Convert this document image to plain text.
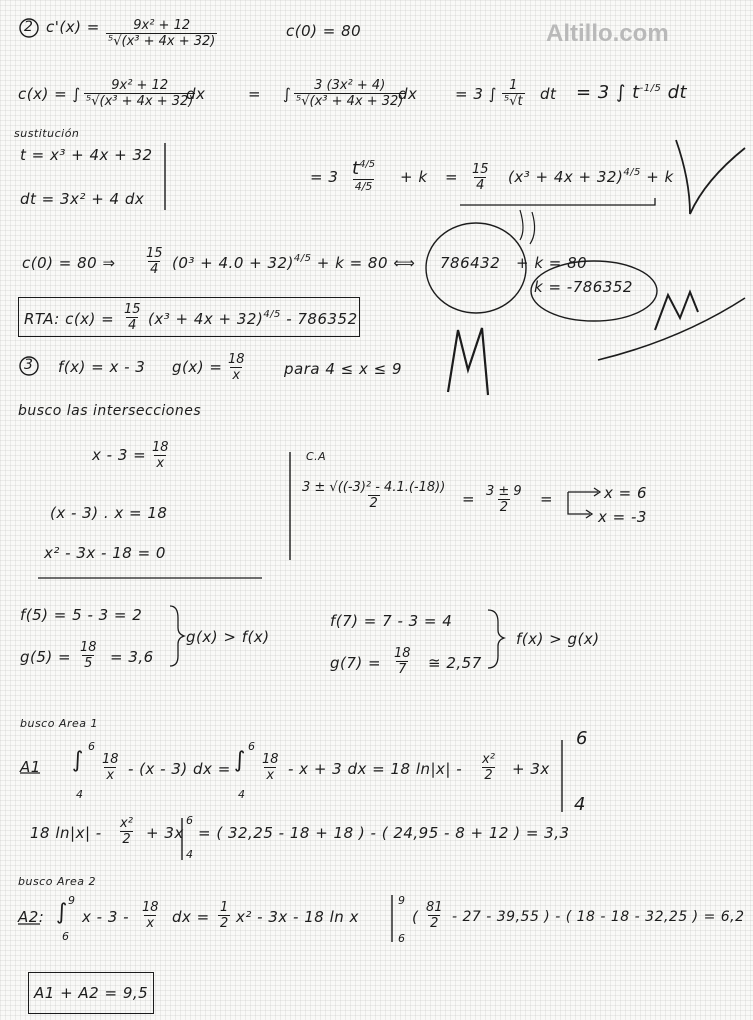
Altillo.com
2 $c'(x) = \frac{\text{9x² + 12}}{\text{⁵√(x³ + 4x + 32)}}$	c(0) = 80
c(x) = ∫ $\frac{\text{9x² + 12}}{\text{⁵√(x³ + 4x + 32)}}$
dx	= ∫ $\frac{\text{3 (3x² + 4)}}{\text{⁵√(x³ + 4x + 32)}}$
dx	= 3 ∫ $\frac{1}{\text{⁵√t}}$ dt = 3 ∫ $t^{-1/5}$ dt
sustitución
t = x³ + 4x + 32
dt = 3x² + 4 dx
= 3 $t^{4/5}$
4/5
+ $k = \frac{15}{4} (x^3 + 4x + 32)^{4/5} + k$
c(0) = 80 ⇒ $\frac{15}{4} (0^3 + 4.0 + 32)^{4/5} + k = 80$ ⟺ 786432 + k = 80
k = -786352
RTA: $c(x) = \frac{15}{4} (x^3 + 4x + 32)^{4/5} - 786352$
3 f(x) = x - 3 $g(x) = \frac{18}{x}$ para 4 ≤ x ≤ 9
busco las intersecciones
$x - 3 = \frac{18}{x}$
(x - 3) . x = 18
x² - 3x - 18 = 0
C.A
$\frac{\text{3 ± √((-3)² - 4.1.(-18))}}{2} = \frac{3 \pm 9}{2}$ =	x = 6
x = -3
f(5) = 5 - 3 = 2
$g(5) = \frac{18}{5} = 3,6$
g(x) > f(x)
f(7) = 7 - 3 = 4
$g(7) = \frac{18}{7}$ ≅ 2,57
f(x) > g(x)
busco Area 1
A1 ∫
6
4
$\frac{18}{x} - (x - 3)$ dx = ∫
6
4
$\frac{18}{x} - x + 3$ dx = 18 $\ln|x| - \frac{\text{x²}}{2} + 3x$
6
4
18 $\ln|x| - \frac{\text{x²}}{2} + 3x$
6
4
= ( 32,25 - 18 + 18 ) - ( 24,95 - 8 + 12 ) = 3,3
busco Area 2
A2: ∫ 9
6
x - $3 - \frac{18}{x}$ dx = $\frac{1}{2} x^2 - 3x - 18$ ln x
9
6
( $\frac{81}{2} - 27 - 39,55$ ) - ( 18 - 18 - 32,25 ) = 6,2
A1 + A2 = 9,5
